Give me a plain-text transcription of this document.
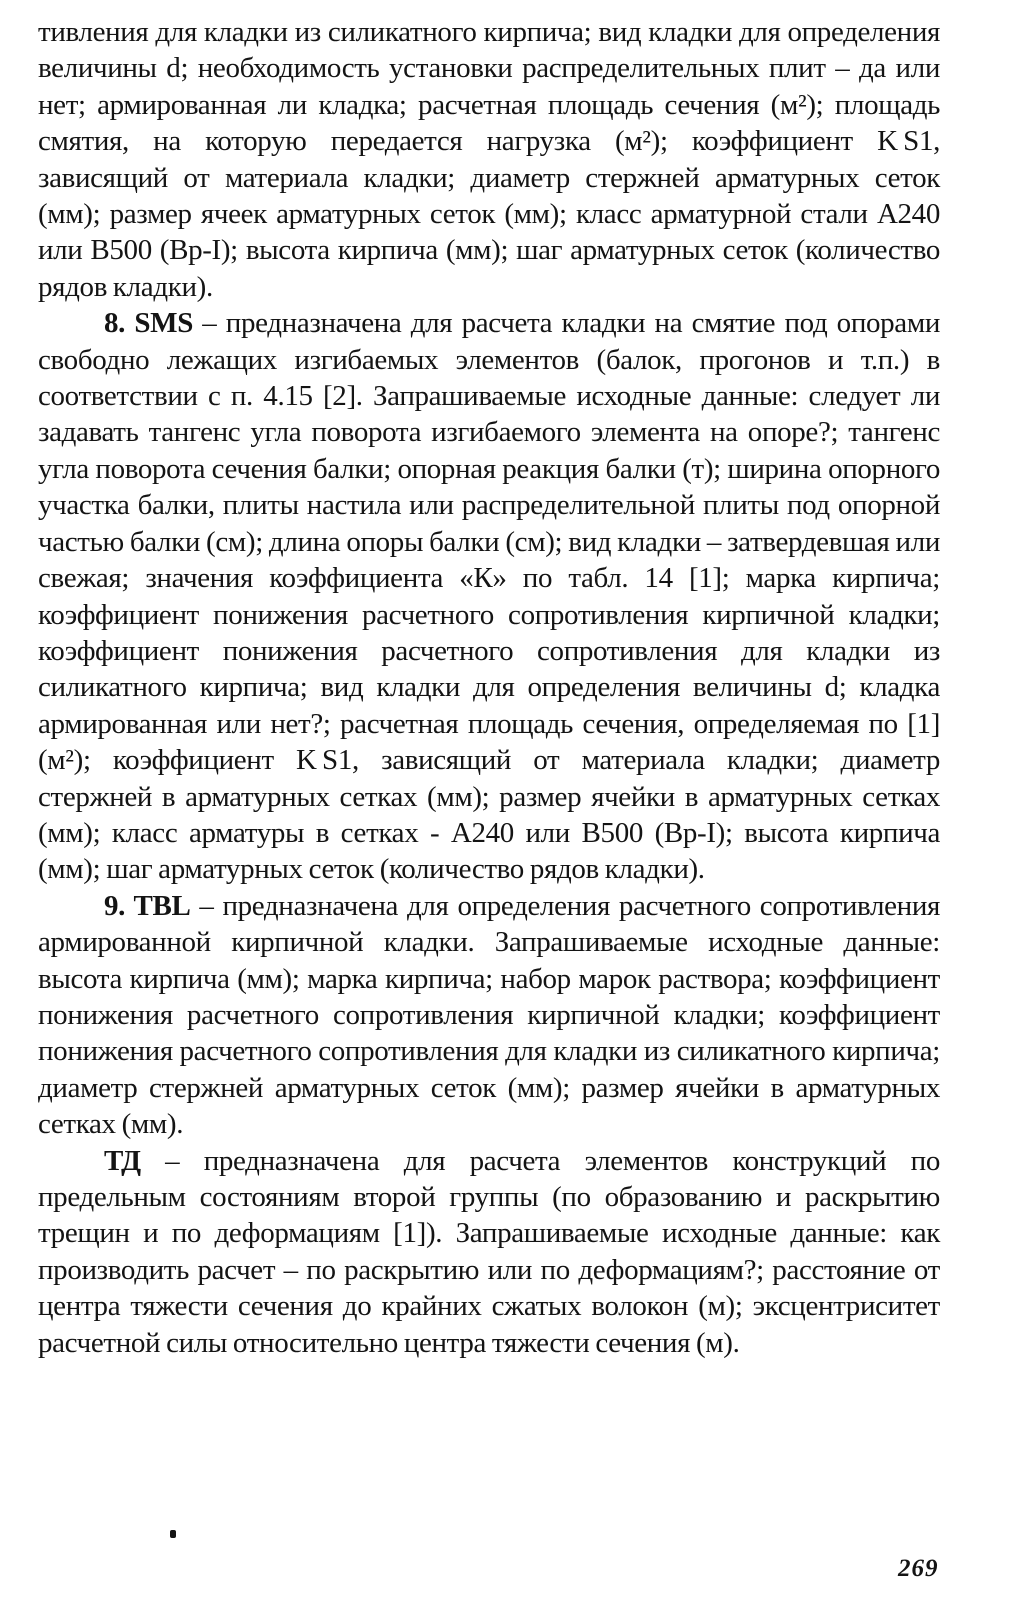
тивления для кладки из силикатного кирпича; вид кладки для определения величины d; необходимость установки распределительных плит – да или нет; армированная ли кладка; расчетная площадь сечения (м²); площадь смятия, на которую передается нагрузка (м²); коэффициент K S1, зависящий от материала кладки; диаметр стержней арматурных сеток (мм); размер ячеек арматурных сеток (мм); класс арматурной стали А240 или В500 (Вр-I); высота кирпича (мм); шаг арматурных сеток (количество рядов кладки).

8. SMS – предназначена для расчета кладки на смятие под опорами свободно лежащих изгибаемых элементов (балок, прогонов и т.п.) в соответствии с п. 4.15 [2]. Запрашиваемые исходные данные: следует ли задавать тангенс угла поворота изгибаемого элемента на опоре?; тангенс угла поворота сечения балки; опорная реакция балки (т); ширина опорного участка балки, плиты настила или распределительной плиты под опорной частью балки (см); длина опоры балки (см); вид кладки – затвердевшая или свежая; значения коэффициента «К» по табл. 14 [1]; марка кирпича; коэффициент понижения расчетного сопротивления кирпичной кладки; коэффициент понижения расчетного сопротивления для кладки из силикатного кирпича; вид кладки для определения величины d; кладка армированная или нет?; расчетная площадь сечения, определяемая по [1] (м²); коэффициент K S1, зависящий от материала кладки; диаметр стержней в арматурных сетках (мм); размер ячейки в арматурных сетках (мм); класс арматуры в сетках - А240 или В500 (Вр-I); высота кирпича (мм); шаг арматурных сеток (количество рядов кладки).

9. TBL – предназначена для определения расчетного сопротивления армированной кирпичной кладки. Запрашиваемые исходные данные: высота кирпича (мм); марка кирпича; набор марок раствора; коэффициент понижения расчетного сопротивления кирпичной кладки; коэффициент понижения расчетного сопротивления для кладки из силикатного кирпича; диаметр стержней арматурных сеток (мм); размер ячейки в арматурных сетках (мм).

ТД – предназначена для расчета элементов конструкций по предельным состояниям второй группы (по образованию и раскрытию трещин и по деформациям [1]). Запрашиваемые исходные данные: как производить расчет – по раскрытию или по деформациям?; расстояние от центра тяжести сечения до крайних сжатых волокон (м); эксцентриситет расчетной силы относительно центра тяжести сечения (м).

269
